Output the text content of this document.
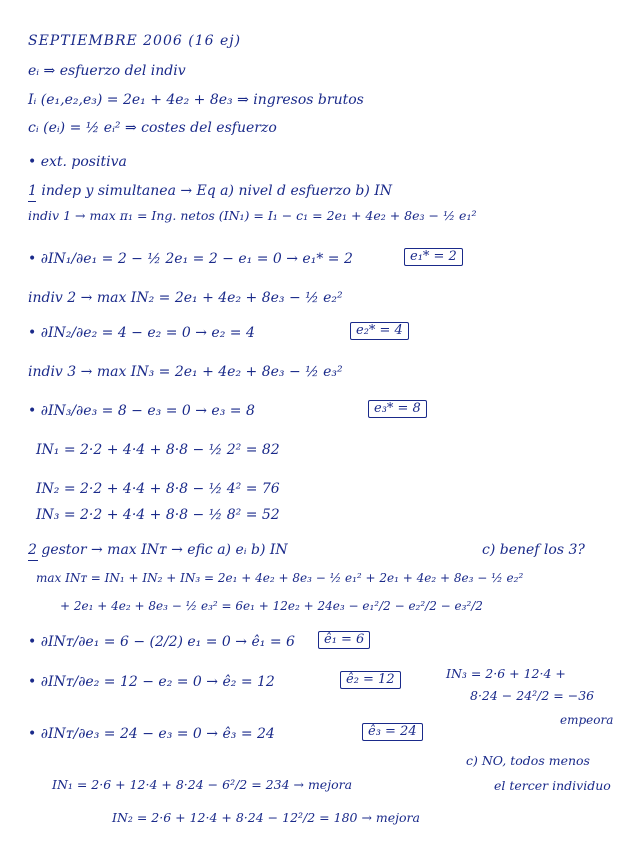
SEPTIEMBRE 2006 (16 ej)
eᵢ ⇒ esfuerzo del indiv
Iᵢ (e₁,e₂,e₃) = 2e₁ + 4e₂ + 8e₃ ⇒ ingresos brutos
cᵢ (eᵢ) = ½ eᵢ² ⇒ costes del esfuerzo
• ext. positiva
1 indep y simultanea → Eq a) nivel d esfuerzo b) IN
indiv 1 → max π₁ = Ing. netos (IN₁) = I₁ − c₁ = 2e₁ + 4e₂ + 8e₃ − ½ e₁²
• ∂IN₁/∂e₁ = 2 − ½ 2e₁ = 2 − e₁ = 0 → e₁* = 2	e₁* = 2
indiv 2 → max IN₂ = 2e₁ + 4e₂ + 8e₃ − ½ e₂²
• ∂IN₂/∂e₂ = 4 − e₂ = 0 → e₂ = 4	e₂* = 4
indiv 3 → max IN₃ = 2e₁ + 4e₂ + 8e₃ − ½ e₃²
• ∂IN₃/∂e₃ = 8 − e₃ = 0 → e₃ = 8	e₃* = 8
IN₁ = 2·2 + 4·4 + 8·8 − ½ 2² = 82
IN₂ = 2·2 + 4·4 + 8·8 − ½ 4² = 76
IN₃ = 2·2 + 4·4 + 8·8 − ½ 8² = 52
2 gestor → max INᴛ → efic a) eᵢ b) IN	c) benef los 3?
max INᴛ = IN₁ + IN₂ + IN₃ = 2e₁ + 4e₂ + 8e₃ − ½ e₁² + 2e₁ + 4e₂ + 8e₃ − ½ e₂²
+ 2e₁ + 4e₂ + 8e₃ − ½ e₃² = 6e₁ + 12e₂ + 24e₃ − e₁²/2 − e₂²/2 − e₃²/2
• ∂INᴛ/∂e₁ = 6 − (2/2) e₁ = 0 → ê₁ = 6	ê₁ = 6
• ∂INᴛ/∂e₂ = 12 − e₂ = 0 → ê₂ = 12	ê₂ = 12	IN₃ = 2·6 + 12·4 +
8·24 − 24²/2 = −36
empeora
• ∂INᴛ/∂e₃ = 24 − e₃ = 0 → ê₃ = 24	ê₃ = 24
c) NO, todos menos
el tercer individuo
IN₁ = 2·6 + 12·4 + 8·24 − 6²/2 = 234 → mejora
IN₂ = 2·6 + 12·4 + 8·24 − 12²/2 = 180 → mejora
